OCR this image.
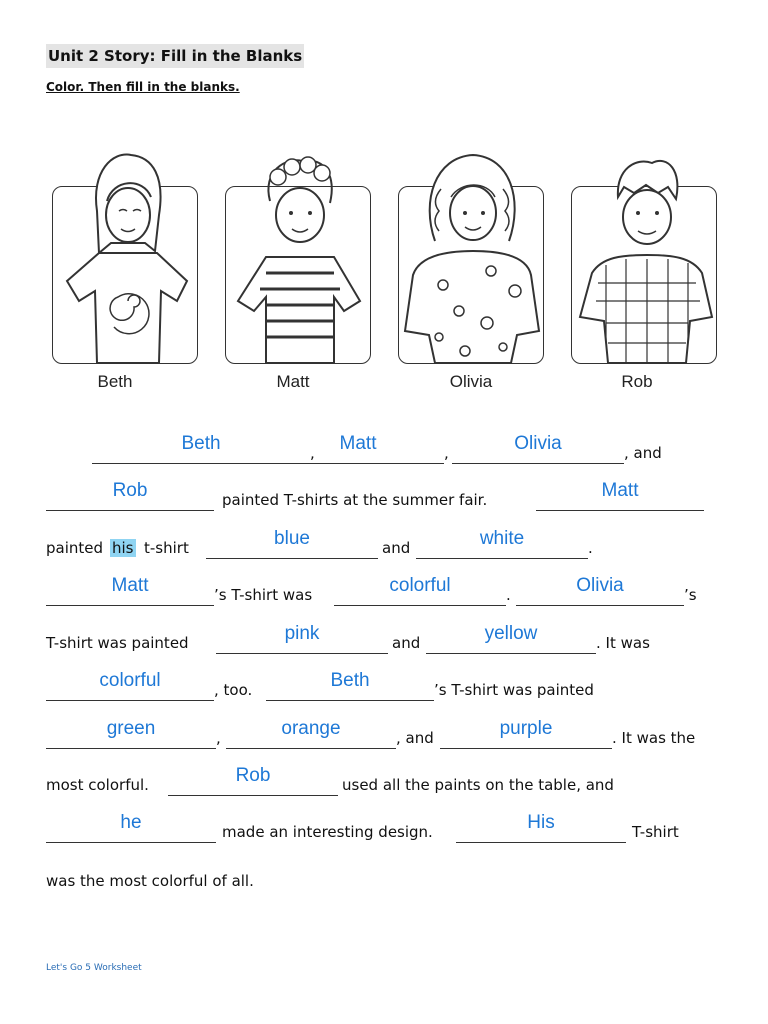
Unit 2 Story: Fill in the Blanks
Color. Then fill in the blanks.
Beth	Matt	Olivia	Rob
Beth	,	Matt	,	Olivia	, and
Rob	painted T-shirts at the summer fair.	Matt
painted his t-shirt	blue	and	white	.
Matt	’s T-shirt was	colorful	.	Olivia	’s
T-shirt was painted	pink	and	yellow	. It was
colorful	, too.	Beth	’s T-shirt was painted
green	,	orange	, and	purple	. It was the
most colorful.	Rob	used all the paints on the table, and
he	made an interesting design.	His	T-shirt
was the most colorful of all.
Let's Go 5 Worksheet
